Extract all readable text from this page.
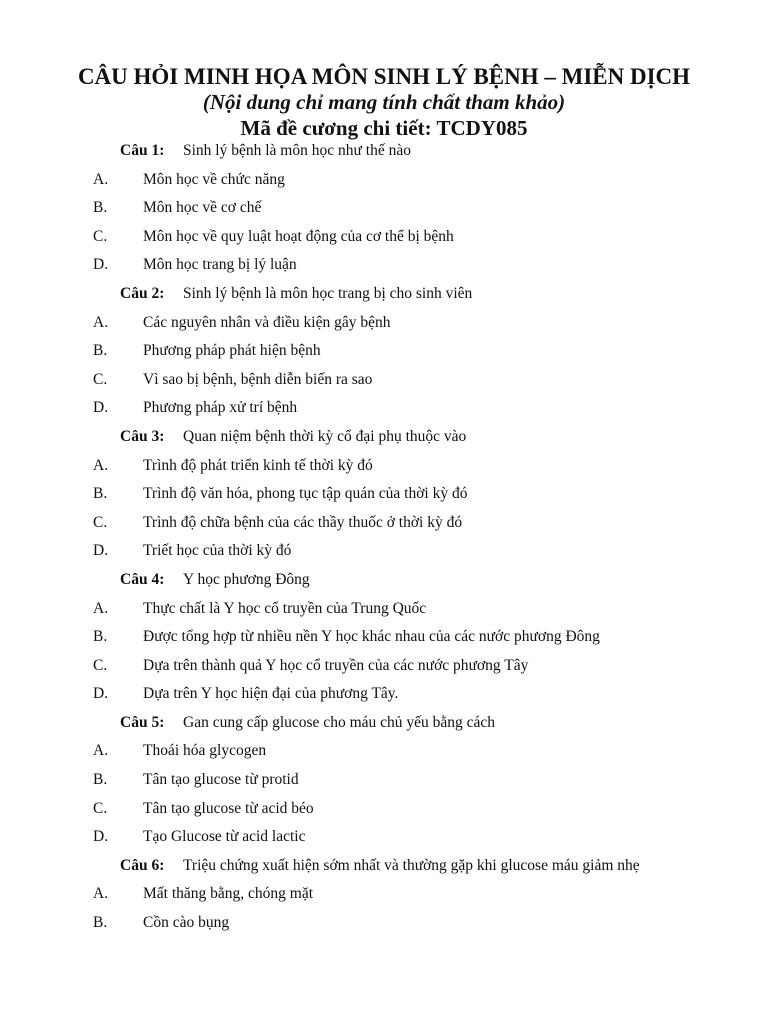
CÂU HỎI MINH HỌA MÔN SINH LÝ BỆNH – MIỄN DỊCH

(Nội dung chỉ mang tính chất tham khảo)

Mã đề cương chi tiết: TCDY085

Câu 1: Sinh lý bệnh là môn học như thế nào
A. Môn học về chức năng
B. Môn học về cơ chế
C. Môn học về quy luật hoạt động của cơ thể bị bệnh
D. Môn học trang bị lý luận
Câu 2: Sinh lý bệnh là môn học trang bị cho sinh viên
A. Các nguyên nhân và điều kiện gây bệnh
B. Phương pháp phát hiện bệnh
C. Vì sao bị bệnh, bệnh diễn biến ra sao
D. Phương pháp xử trí bệnh
Câu 3: Quan niệm bệnh thời kỳ cổ đại phụ thuộc vào
A. Trình độ phát triển kinh tế thời kỳ đó
B. Trình độ văn hóa, phong tục tập quán của thời kỳ đó
C. Trình độ chữa bệnh của các thầy thuốc ở thời kỳ đó
D. Triết học của thời kỳ đó
Câu 4: Y học phương Đông
A. Thực chất là Y học cổ truyền của Trung Quốc
B. Được tổng hợp từ nhiều nền Y học khác nhau của các nước phương Đông
C. Dựa trên thành quả Y học cổ truyền của các nước phương Tây
D. Dựa trên Y học hiện đại của phương Tây.
Câu 5: Gan cung cấp glucose cho máu chủ yếu bằng cách
A. Thoái hóa glycogen
B. Tân tạo glucose từ protid
C. Tân tạo glucose từ acid béo
D. Tạo Glucose từ acid lactic
Câu 6: Triệu chứng xuất hiện sớm nhất và thường gặp khi glucose máu giảm nhẹ
A. Mất thăng bằng, chóng mặt
B. Cồn cào bụng
